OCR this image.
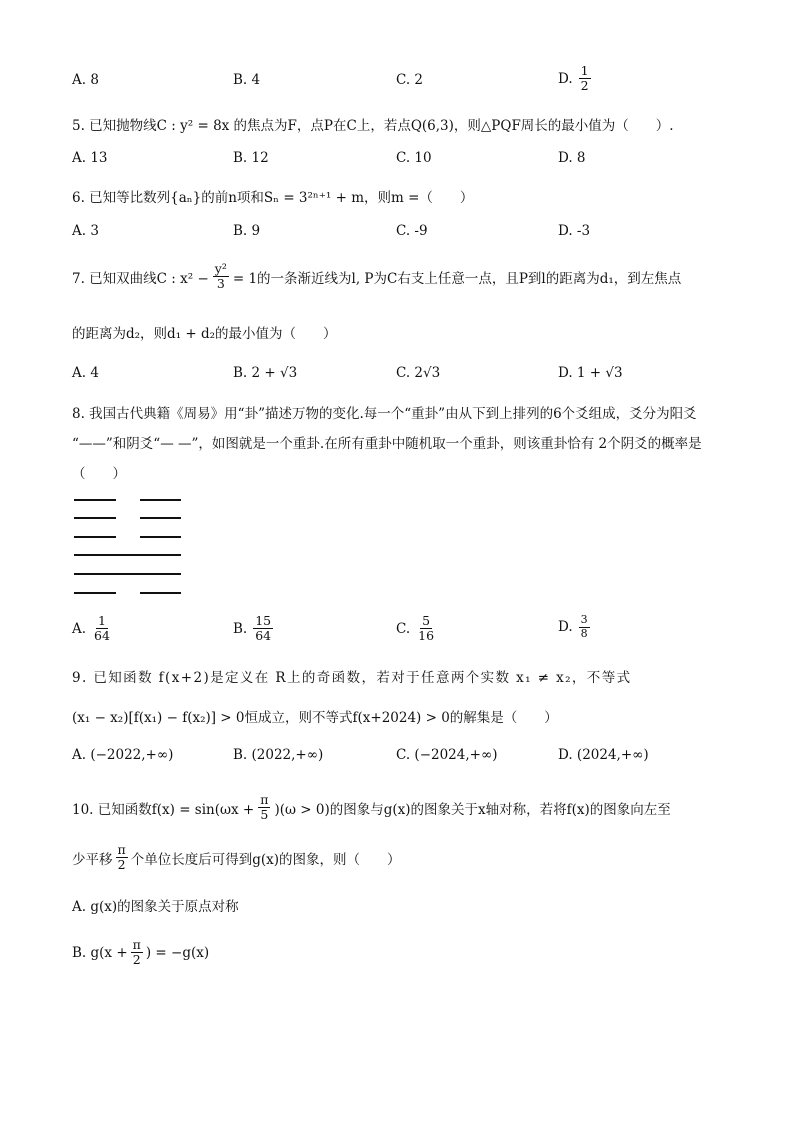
A. 8	B. 4	C. 2	D. $\frac{1}{2}$
5. 已知抛物线C : y² = 8x 的焦点为F，点P在C上，若点Q(6,3)，则△PQF周长的最小值为（　　）.
A. 13	B. 12	C. 10	D. 8
6. 已知等比数列{aₙ}的前n项和Sₙ = 3²ⁿ⁺¹ + m，则m =（　　）
A. 3	B. 9	C. -9	D. -3
7. 已知双曲线C : $x^2 - \frac{\text{y²}}{3} = 1$的一条渐近线为l, P为C右支上任意一点，且P到l的距离为d₁，到左焦点
的距离为d₂，则d₁ + d₂的最小值为（　　）
A. 4	B. 2 + √3	C. 2√3	D. 1 + √3
8. 我国古代典籍《周易》用“卦”描述万物的变化.每一个“重卦”由从下到上排列的6个爻组成，爻分为阳爻
“——”和阴爻“— —”，如图就是一个重卦.在所有重卦中随机取一个重卦，则该重卦恰有 2个阴爻的概率是
（　　）
A. $\frac{1}{64}$	B. $\frac{15}{64}$	C. $\frac{5}{16}$	D. $\frac{3}{8}$
9. 已知函数 f(x+2)是定义在 R上的奇函数，若对于任意两个实数 x₁ ≠ x₂，不等式
(x₁ − x₂)[f(x₁) − f(x₂)] > 0恒成立，则不等式f(x+2024) > 0的解集是（　　）
A. (−2022,+∞)	B. (2022,+∞)	C. (−2024,+∞)	D. (2024,+∞)
10. 已知函数$f(x) = \sin(\omega x + \frac{\pi}{5} )(\omega > 0)$的图象与g(x)的图象关于x轴对称，若将f(x)的图象向左至
少平移 $\frac{\pi}{2}$ 个单位长度后可得到g(x)的图象，则（　　）
A. g(x)的图象关于原点对称
B. $g(x + \frac{\pi}{2}$ ) = −g(x)
